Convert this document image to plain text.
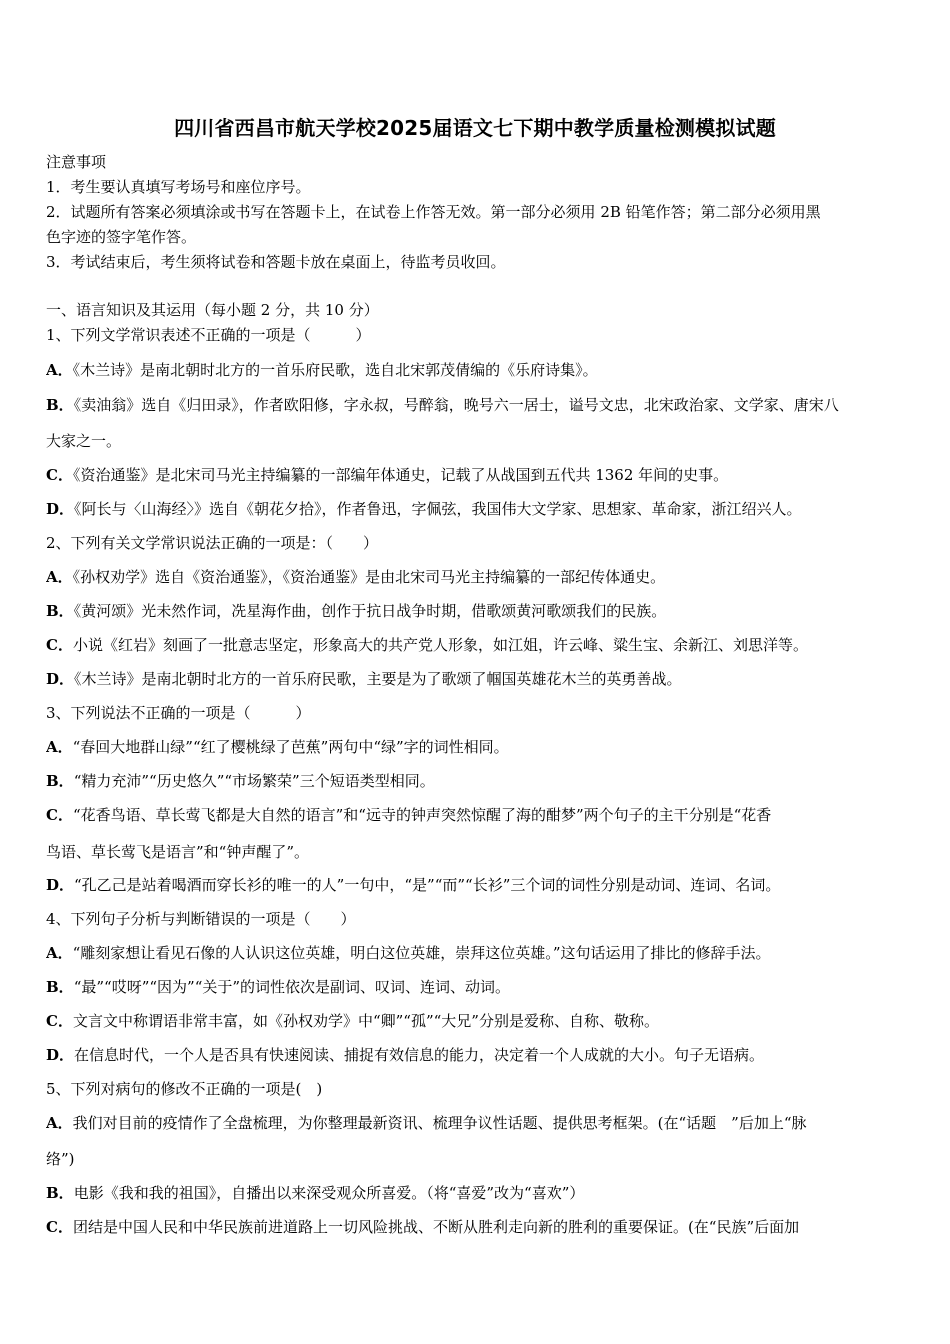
四川省西昌市航天学校2025届语文七下期中教学质量检测模拟试题
注意事项
1．考生要认真填写考场号和座位序号。
2．试题所有答案必须填涂或书写在答题卡上，在试卷上作答无效。第一部分必须用 2B 铅笔作答；第二部分必须用黑
色字迹的签字笔作答。
3．考试结束后，考生须将试卷和答题卡放在桌面上，待监考员收回。
一、语言知识及其运用（每小题 2 分，共 10 分）
1、下列文学常识表述不正确的一项是（　　　）
A．《木兰诗》是南北朝时北方的一首乐府民歌，选自北宋郭茂倩编的《乐府诗集》。
B．《卖油翁》选自《归田录》，作者欧阳修，字永叔，号醉翁，晚号六一居士，谥号文忠，北宋政治家、文学家、唐宋八
大家之一。
C．《资治通鉴》是北宋司马光主持编纂的一部编年体通史，记载了从战国到五代共 1362 年间的史事。
D．《阿长与〈山海经〉》选自《朝花夕拾》，作者鲁迅，字佩弦，我国伟大文学家、思想家、革命家，浙江绍兴人。
2、下列有关文学常识说法正确的一项是：（　　）
A．《孙权劝学》选自《资治通鉴》，《资治通鉴》是由北宋司马光主持编纂的一部纪传体通史。
B．《黄河颂》光未然作词，冼星海作曲，创作于抗日战争时期，借歌颂黄河歌颂我们的民族。
C．小说《红岩》刻画了一批意志坚定，形象高大的共产党人形象，如江姐，许云峰、粱生宝、余新江、刘思洋等。
D．《木兰诗》是南北朝时北方的一首乐府民歌，主要是为了歌颂了帼国英雄花木兰的英勇善战。
3、下列说法不正确的一项是（　　　）
A．“春回大地群山绿”“红了樱桃绿了芭蕉”两句中“绿”字的词性相同。
B．“精力充沛”“历史悠久”“市场繁荣”三个短语类型相同。
C．“花香鸟语、草长莺飞都是大自然的语言”和“远寺的钟声突然惊醒了海的酣梦”两个句子的主干分别是“花香
鸟语、草长莺飞是语言”和“钟声醒了”。
D．“孔乙己是站着喝酒而穿长衫的唯一的人”一句中，“是”“而”“长衫”三个词的词性分别是动词、连词、名词。
4、下列句子分析与判断错误的一项是（　　）
A．“雕刻家想让看见石像的人认识这位英雄，明白这位英雄，崇拜这位英雄。”这句话运用了排比的修辞手法。
B．“最”“哎呀”“因为”“关于”的词性依次是副词、叹词、连词、动词。
C．文言文中称谓语非常丰富，如《孙权劝学》中“卿”“孤”“大兄”分别是爱称、自称、敬称。
D．在信息时代，一个人是否具有快速阅读、捕捉有效信息的能力，决定着一个人成就的大小。句子无语病。
5、下列对病句的修改不正确的一项是(　)
A．我们对目前的疫情作了全盘梳理，为你整理最新资讯、梳理争议性话题、提供思考框架。(在“话题　”后加上“脉
络”)
B．电影《我和我的祖国》，自播出以来深受观众所喜爱。（将“喜爱”改为“喜欢”）
C．团结是中国人民和中华民族前进道路上一切风险挑战、不断从胜利走向新的胜利的重要保证。(在“民族”后面加
